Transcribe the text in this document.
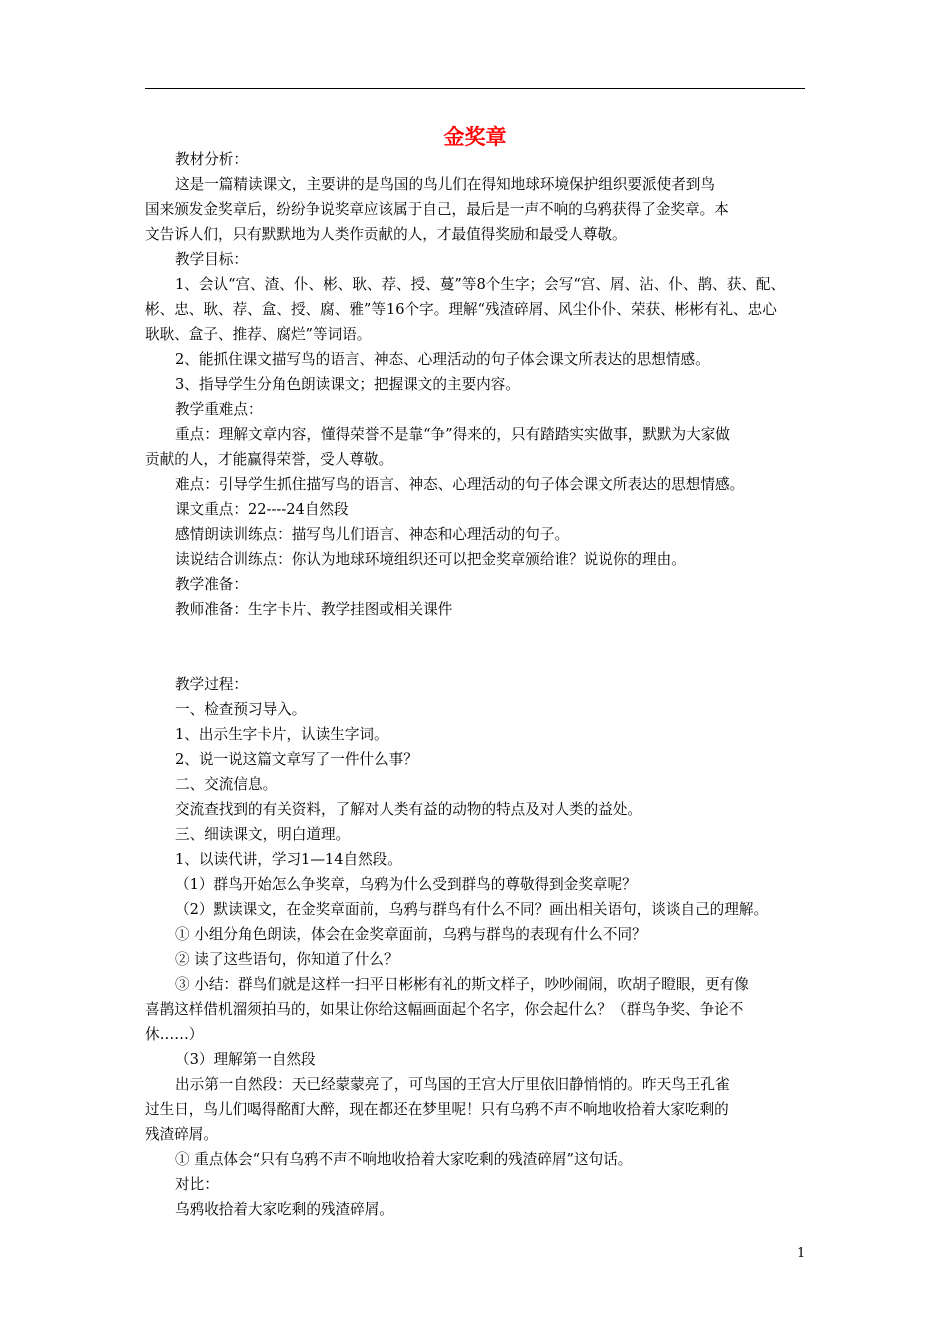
金奖章
教材分析：
这是一篇精读课文，主要讲的是鸟国的鸟儿们在得知地球环境保护组织要派使者到鸟
国来颁发金奖章后，纷纷争说奖章应该属于自己，最后是一声不响的乌鸦获得了金奖章。本
文告诉人们，只有默默地为人类作贡献的人，才最值得奖励和最受人尊敬。
教学目标：
1、会认“宫、渣、仆、彬、耿、荐、授、蔓”等8个生字；会写“宫、屑、沾、仆、鹊、获、配、
彬、忠、耿、荐、盒、授、腐、雅”等16个字。理解“残渣碎屑、风尘仆仆、荣获、彬彬有礼、忠心
耿耿、盒子、推荐、腐烂”等词语。
2、能抓住课文描写鸟的语言、神态、心理活动的句子体会课文所表达的思想情感。
3、指导学生分角色朗读课文；把握课文的主要内容。
教学重难点：
重点：理解文章内容，懂得荣誉不是靠“争”得来的，只有踏踏实实做事，默默为大家做
贡献的人，才能赢得荣誉，受人尊敬。
难点：引导学生抓住描写鸟的语言、神态、心理活动的句子体会课文所表达的思想情感。
课文重点：22----24自然段
感情朗读训练点：描写鸟儿们语言、神态和心理活动的句子。
读说结合训练点：你认为地球环境组织还可以把金奖章颁给谁？说说你的理由。
教学准备：
教师准备：生字卡片、教学挂图或相关课件
教学过程：
一、检查预习导入。
1、出示生字卡片，认读生字词。
2、说一说这篇文章写了一件什么事？
二、交流信息。
交流查找到的有关资料，了解对人类有益的动物的特点及对人类的益处。
三、细读课文，明白道理。
1、以读代讲，学习1—14自然段。
（1）群鸟开始怎么争奖章，乌鸦为什么受到群鸟的尊敬得到金奖章呢？
（2）默读课文，在金奖章面前，乌鸦与群鸟有什么不同？画出相关语句，谈谈自己的理解。
① 小组分角色朗读，体会在金奖章面前，乌鸦与群鸟的表现有什么不同？
② 读了这些语句，你知道了什么？
③ 小结：群鸟们就是这样一扫平日彬彬有礼的斯文样子，吵吵闹闹，吹胡子瞪眼，更有像
喜鹊这样借机溜须拍马的，如果让你给这幅画面起个名字，你会起什么？（群鸟争奖、争论不
休……）
（3）理解第一自然段
出示第一自然段：天已经蒙蒙亮了，可鸟国的王宫大厅里依旧静悄悄的。昨天鸟王孔雀
过生日，鸟儿们喝得酩酊大醉，现在都还在梦里呢！只有乌鸦不声不响地收拾着大家吃剩的
残渣碎屑。
① 重点体会“只有乌鸦不声不响地收拾着大家吃剩的残渣碎屑”这句话。
对比：
乌鸦收拾着大家吃剩的残渣碎屑。
1
